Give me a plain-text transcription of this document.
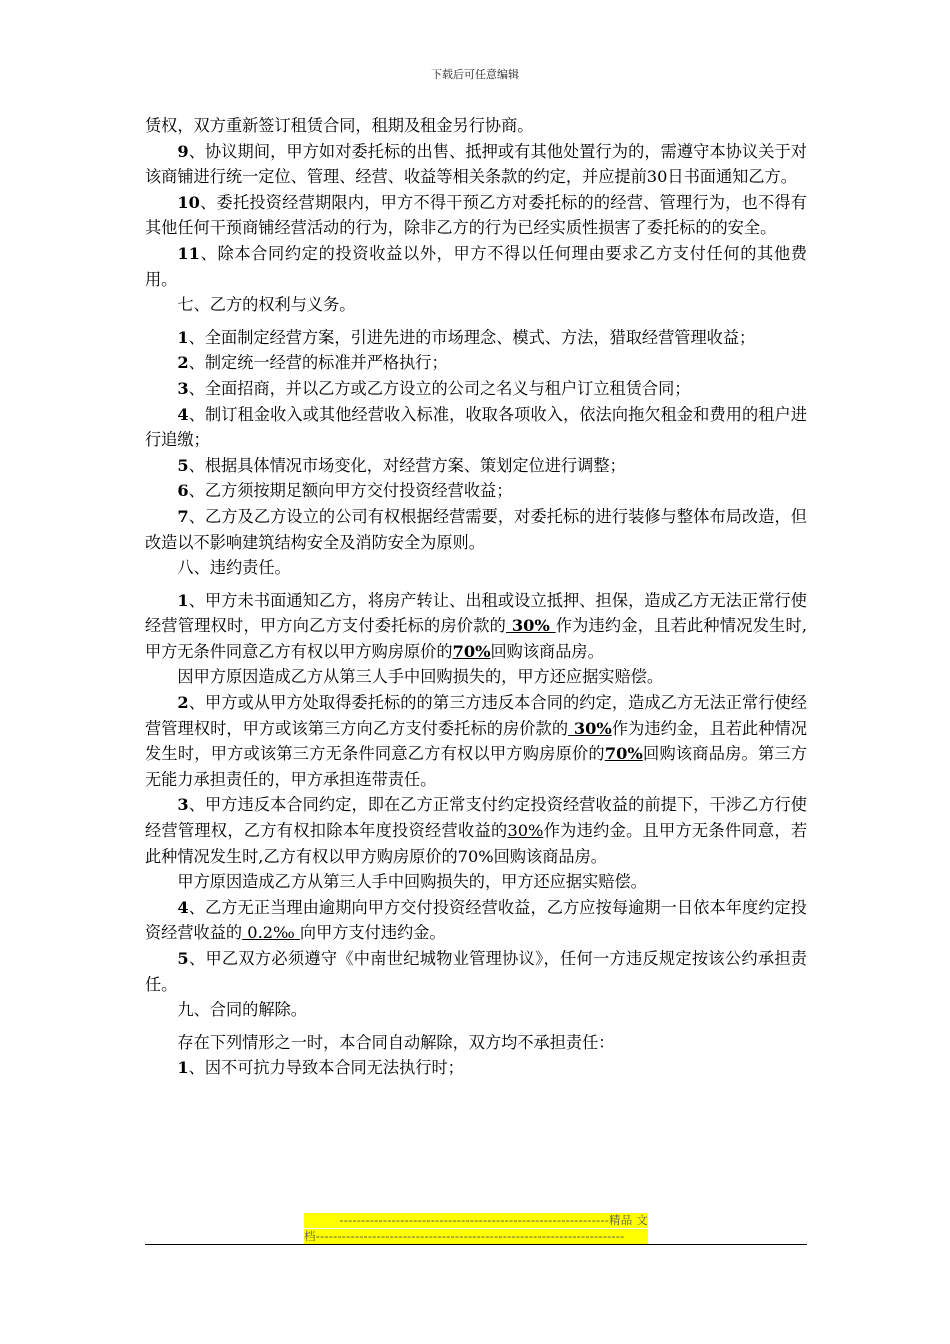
下载后可任意编辑

赁权，双方重新签订租赁合同，租期及租金另行协商。

9、协议期间，甲方如对委托标的出售、抵押或有其他处置行为的，需遵守本协议关于对该商铺进行统一定位、管理、经营、收益等相关条款的约定，并应提前30日书面通知乙方。

10、委托投资经营期限内，甲方不得干预乙方对委托标的的经营、管理行为，也不得有其他任何干预商铺经营活动的行为，除非乙方的行为已经实质性损害了委托标的的安全。

11、除本合同约定的投资收益以外，甲方不得以任何理由要求乙方支付任何的其他费用。

七、乙方的权利与义务。

1、全面制定经营方案，引进先进的市场理念、模式、方法，猎取经营管理收益；

2、制定统一经营的标准并严格执行；

3、全面招商，并以乙方或乙方设立的公司之名义与租户订立租赁合同；

4、制订租金收入或其他经营收入标准，收取各项收入，依法向拖欠租金和费用的租户进行追缴；

5、根据具体情况市场变化，对经营方案、策划定位进行调整；

6、乙方须按期足额向甲方交付投资经营收益；

7、乙方及乙方设立的公司有权根据经营需要，对委托标的进行装修与整体布局改造，但改造以不影响建筑结构安全及消防安全为原则。

八、违约责任。

1、甲方未书面通知乙方，将房产转让、出租或设立抵押、担保，造成乙方无法正常行使经营管理权时，甲方向乙方支付委托标的房价款的 30% 作为违约金，且若此种情况发生时,甲方无条件同意乙方有权以甲方购房原价的70%回购该商品房。

因甲方原因造成乙方从第三人手中回购损失的，甲方还应据实赔偿。

2、甲方或从甲方处取得委托标的的第三方违反本合同的约定，造成乙方无法正常行使经营管理权时，甲方或该第三方向乙方支付委托标的房价款的 30%作为违约金，且若此种情况发生时，甲方或该第三方无条件同意乙方有权以甲方购房原价的70%回购该商品房。第三方无能力承担责任的，甲方承担连带责任。

3、甲方违反本合同约定，即在乙方正常支付约定投资经营收益的前提下，干涉乙方行使经营管理权，乙方有权扣除本年度投资经营收益的30%作为违约金。且甲方无条件同意，若此种情况发生时,乙方有权以甲方购房原价的70%回购该商品房。

甲方原因造成乙方从第三人手中回购损失的，甲方还应据实赔偿。

4、乙方无正当理由逾期向甲方交付投资经营收益，乙方应按每逾期一日依本年度约定投资经营收益的 0.2‰ 向甲方支付违约金。

5、甲乙双方必须遵守《中南世纪城物业管理协议》，任何一方违反规定按该公约承担责任。

九、合同的解除。

存在下列情形之一时，本合同自动解除，双方均不承担责任：

1、因不可抗力导致本合同无法执行时；

--------------------------------------------------------------精品 文
档-----------------------------------------------------------------------
